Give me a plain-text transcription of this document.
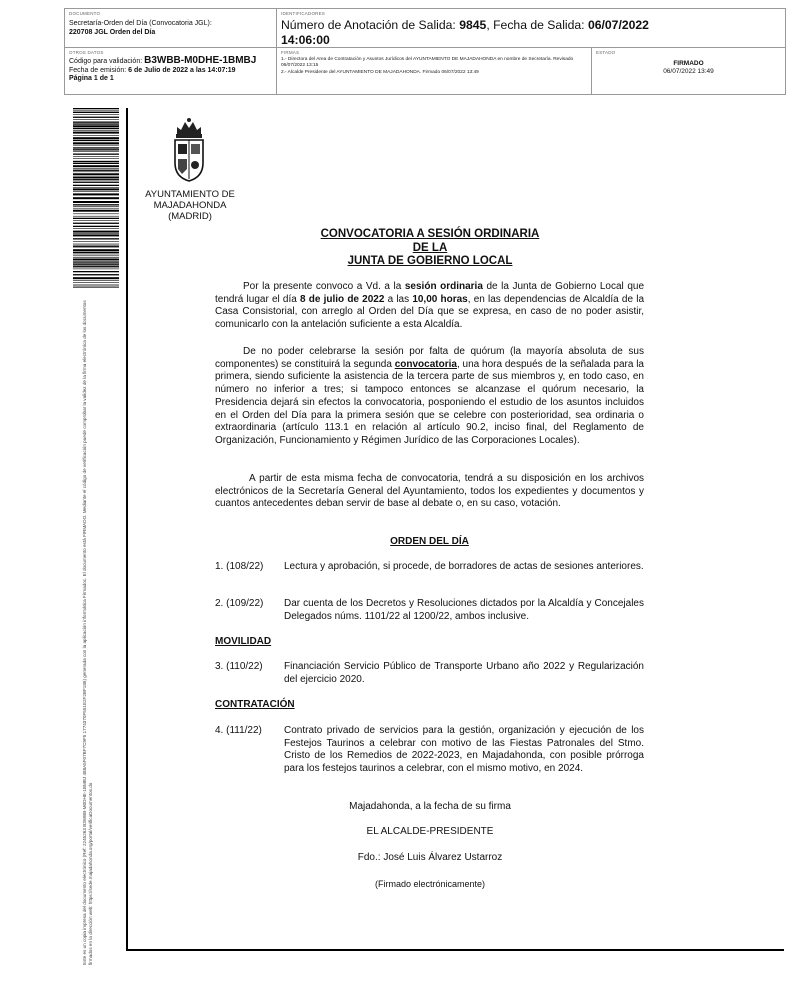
DOCUMENTO
Secretaría-Orden del Día (Convocatoria JGL):
220708 JGL Orden del Día
IDENTIFICADORES
Número de Anotación de Salida: 9845, Fecha de Salida: 06/07/2022
14:06:00
OTROS DATOS
Código para validación: B3WBB-M0DHE-1BMBJ
Fecha de emisión: 6 de Julio de 2022 a las 14:07:19
Página 1 de 1
FIRMAS
1.- Directora del Area de Contratación y Asuntos Jurídicos del AYUNTAMIENTO DE MAJADAHONDA en nombre de Secretaría. Revisado 06/07/2022 13:15
2.- Alcalde Presidente del AYUNTAMIENTO DE MAJADAHONDA. Firmado 06/07/2022 13:49
ESTADO
FIRMADO
06/07/2022 13:49
Este es un copia impresa del documento electrónico (Ref: 2245263 B3WBB-M0DHE-1BMBJ 488A5F07BF7C9F5 1774370F551E2F2BF186) generada con la aplicación informática Firmadoc. El documento está FIRMADO. Mediante el código de verificación puede comprobar la validez de la firma electrónica de los documentos firmados en la dirección web: https://sede.majadahonda.org/portal/verificaDocumentos.do
AYUNTAMIENTO DE
MAJADAHONDA
(MADRID)
CONVOCATORIA A SESIÓN ORDINARIA
DE LA
JUNTA DE GOBIERNO LOCAL
Por la presente convoco a Vd. a la sesión ordinaria de la Junta de Gobierno Local que tendrá lugar el día 8 de julio de 2022 a las 10,00 horas, en las dependencias de Alcaldía de la Casa Consistorial, con arreglo al Orden del Día que se expresa, en caso de no poder asistir, comunicarlo con la antelación suficiente a esta Alcaldía.
De no poder celebrarse la sesión por falta de quórum (la mayoría absoluta de sus componentes) se constituirá la segunda convocatoria, una hora después de la señalada para la primera, siendo suficiente la asistencia de la tercera parte de sus miembros y, en todo caso, en número no inferior a tres; si tampoco entonces se alcanzase el quórum necesario, la Presidencia dejará sin efectos la convocatoria, posponiendo el estudio de los asuntos incluidos en el Orden del Día para la primera sesión que se celebre con posterioridad, sea ordinaria o extraordinaria (artículo 113.1 en relación al artículo 90.2, inciso final, del Reglamento de Organización, Funcionamiento y Régimen Jurídico de las Corporaciones Locales).
A partir de esta misma fecha de convocatoria, tendrá a su disposición en los archivos electrónicos de la Secretaría General del Ayuntamiento, todos los expedientes y documentos y cuantos antecedentes deban servir de base al debate o, en su caso, votación.
ORDEN DEL DÍA
1. (108/22)	Lectura y aprobación, si procede, de borradores de actas de sesiones anteriores.
2. (109/22)	Dar cuenta de los Decretos y Resoluciones dictados por la Alcaldía y Concejales Delegados núms. 1101/22 al 1200/22, ambos inclusive.
MOVILIDAD
3. (110/22)	Financiación Servicio Público de Transporte Urbano año 2022 y Regularización del ejercicio 2020.
CONTRATACIÓN
4. (111/22)	Contrato privado de servicios para la gestión, organización y ejecución de los Festejos Taurinos a celebrar con motivo de las Fiestas Patronales del Stmo. Cristo de los Remedios de 2022-2023, en Majadahonda, con posible prórroga para los festejos taurinos a celebrar, con el mismo motivo, en 2024.
Majadahonda, a la fecha de su firma
EL ALCALDE-PRESIDENTE
Fdo.: José Luis Álvarez Ustarroz
(Firmado electrónicamente)
